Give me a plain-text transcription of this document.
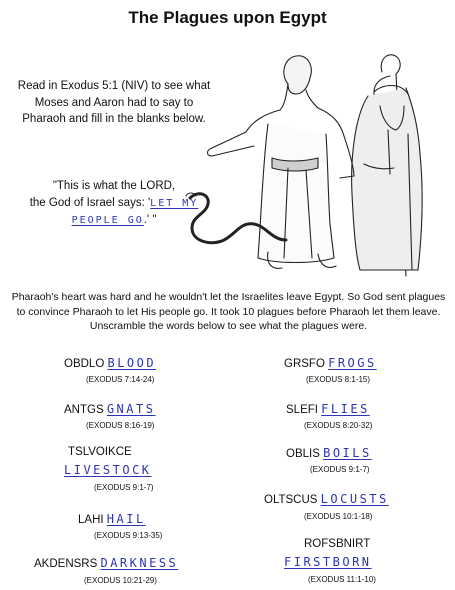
The Plagues upon Egypt
Read in Exodus 5:1 (NIV) to see what Moses and Aaron had to say to Pharaoh and fill in the blanks below.
"This is what the LORD,
the God of Israel says: 'LET MY
PEOPLE GO.' "
Pharaoh's heart was hard and he wouldn't let the Israelites leave Egypt. So God sent plagues to convince Pharaoh to let His people go. It took 10 plagues before Pharaoh let them leave. Unscramble the words below to see what the plagues were.
OBDLO BLOOD
(EXODUS 7:14-24)
ANTGS GNATS
(EXODUS 8:16-19)
TSLVOIKCE
LIVESTOCK
(EXODUS 9:1-7)
LAHI HAIL
(EXODUS 9:13-35)
AKDENSRS DARKNESS
(EXODUS 10:21-29)
GRSFO FROGS
(EXODUS 8:1-15)
SLEFI FLIES
(EXODUS 8:20-32)
OBLIS BOILS
(EXODUS 9:1-7)
OLTSCUS LOCUSTS
(EXODUS 10:1-18)
ROFSBNIRT
FIRSTBORN
(EXODUS 11:1-10)
